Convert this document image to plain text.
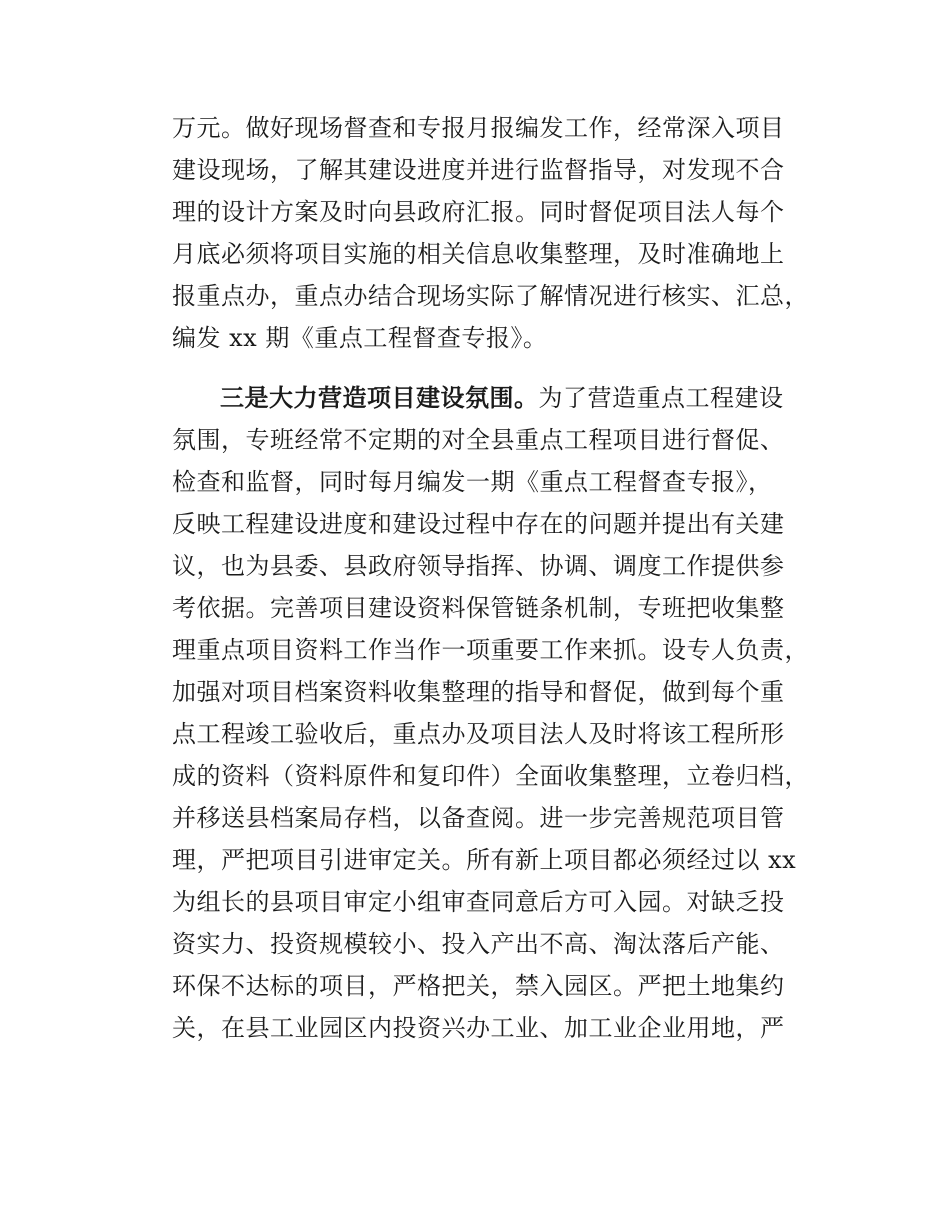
万元。做好现场督查和专报月报编发工作，经常深入项目
建设现场，了解其建设进度并进行监督指导，对发现不合
理的设计方案及时向县政府汇报。同时督促项目法人每个
月底必须将项目实施的相关信息收集整理，及时准确地上
报重点办，重点办结合现场实际了解情况进行核实、汇总，
编发 xx 期《重点工程督查专报》。
三是大力营造项目建设氛围。为了营造重点工程建设
氛围，专班经常不定期的对全县重点工程项目进行督促、
检查和监督，同时每月编发一期《重点工程督查专报》，
反映工程建设进度和建设过程中存在的问题并提出有关建
议，也为县委、县政府领导指挥、协调、调度工作提供参
考依据。完善项目建设资料保管链条机制，专班把收集整
理重点项目资料工作当作一项重要工作来抓。设专人负责，
加强对项目档案资料收集整理的指导和督促，做到每个重
点工程竣工验收后，重点办及项目法人及时将该工程所形
成的资料（资料原件和复印件）全面收集整理，立卷归档，
并移送县档案局存档，以备查阅。进一步完善规范项目管
理，严把项目引进审定关。所有新上项目都必须经过以 xx
为组长的县项目审定小组审查同意后方可入园。对缺乏投
资实力、投资规模较小、投入产出不高、淘汰落后产能、
环保不达标的项目，严格把关，禁入园区。严把土地集约
关，在县工业园区内投资兴办工业、加工业企业用地，严
